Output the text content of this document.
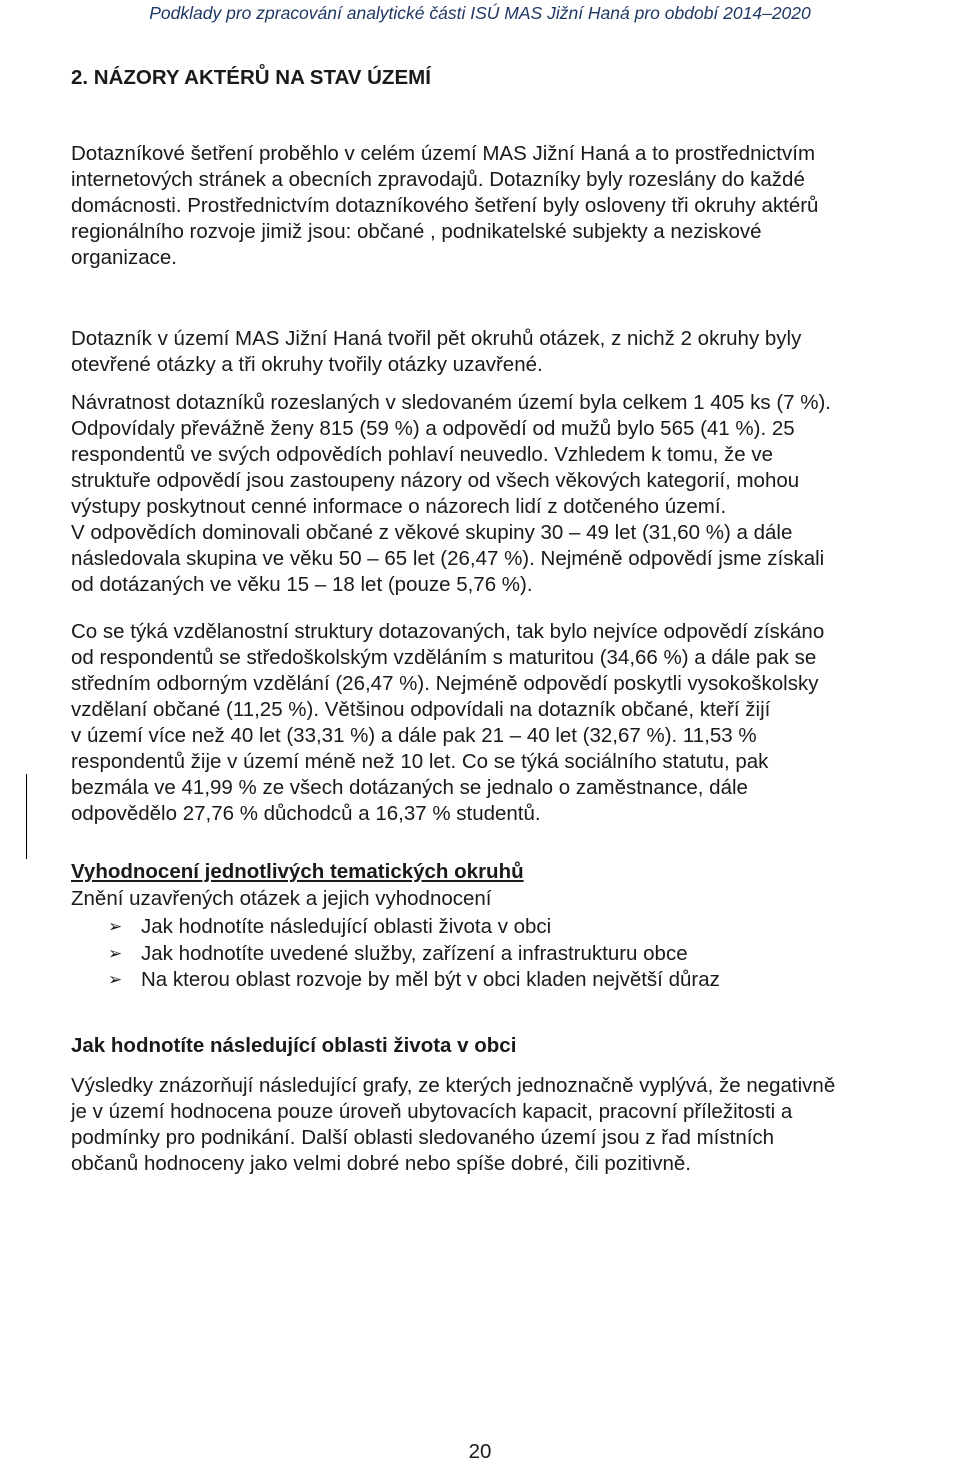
Podklady pro zpracování analytické části ISÚ MAS Jižní Haná pro období 2014–2020
2. NÁZORY AKTÉRŮ NA STAV ÚZEMÍ

Dotazníkové šetření proběhlo v celém území MAS Jižní Haná a to prostřednictvím
internetových stránek a obecních zpravodajů. Dotazníky byly rozeslány do každé
domácnosti. Prostřednictvím dotazníkového šetření byly osloveny tři okruhy aktérů
regionálního rozvoje jimiž jsou: občané , podnikatelské subjekty a neziskové
organizace.

Dotazník v území MAS Jižní Haná tvořil pět okruhů otázek, z nichž 2 okruhy byly
otevřené otázky a tři okruhy tvořily otázky uzavřené.

Návratnost dotazníků rozeslaných v sledovaném území byla celkem 1 405 ks (7 %).
Odpovídaly převážně ženy 815 (59 %) a odpovědí od mužů bylo 565 (41 %). 25
respondentů ve svých odpovědích pohlaví neuvedlo. Vzhledem k tomu, že ve
struktuře odpovědí jsou zastoupeny názory od všech věkových kategorií, mohou
výstupy poskytnout cenné informace o názorech lidí z dotčeného území.
V odpovědích dominovali občané z věkové skupiny 30 – 49 let (31,60 %) a dále
následovala skupina ve věku 50 – 65 let (26,47 %). Nejméně odpovědí jsme získali
od dotázaných ve věku 15 – 18 let (pouze 5,76 %).

Co se týká vzdělanostní struktury dotazovaných, tak bylo nejvíce odpovědí získáno
od respondentů se středoškolským vzděláním s maturitou (34,66 %) a dále pak se
středním odborným vzdělání (26,47 %). Nejméně odpovědí poskytli vysokoškolsky
vzdělaní občané (11,25 %). Většinou odpovídali na dotazník občané, kteří žijí
v území více než 40 let (33,31 %) a dále pak 21 – 40 let (32,67 %). 11,53 %
respondentů žije v území méně než 10 let. Co se týká sociálního statutu, pak
bezmála ve 41,99 % ze všech dotázaných se jednalo o zaměstnance, dále
odpovědělo 27,76 % důchodců a 16,37 % studentů.

Vyhodnocení jednotlivých tematických okruhů

Znění uzavřených otázek a jejich vyhodnocení

➢ Jak hodnotíte následující oblasti života v obci
➢ Jak hodnotíte uvedené služby, zařízení a infrastrukturu obce
➢ Na kterou oblast rozvoje by měl být v obci kladen největší důraz
Jak hodnotíte následující oblasti života v obci

Výsledky znázorňují následující grafy, ze kterých jednoznačně vyplývá, že negativně
je v území hodnocena pouze úroveň ubytovacích kapacit, pracovní příležitosti a
podmínky pro podnikání. Další oblasti sledovaného území jsou z řad místních
občanů hodnoceny jako velmi dobré nebo spíše dobré, čili pozitivně.

20
